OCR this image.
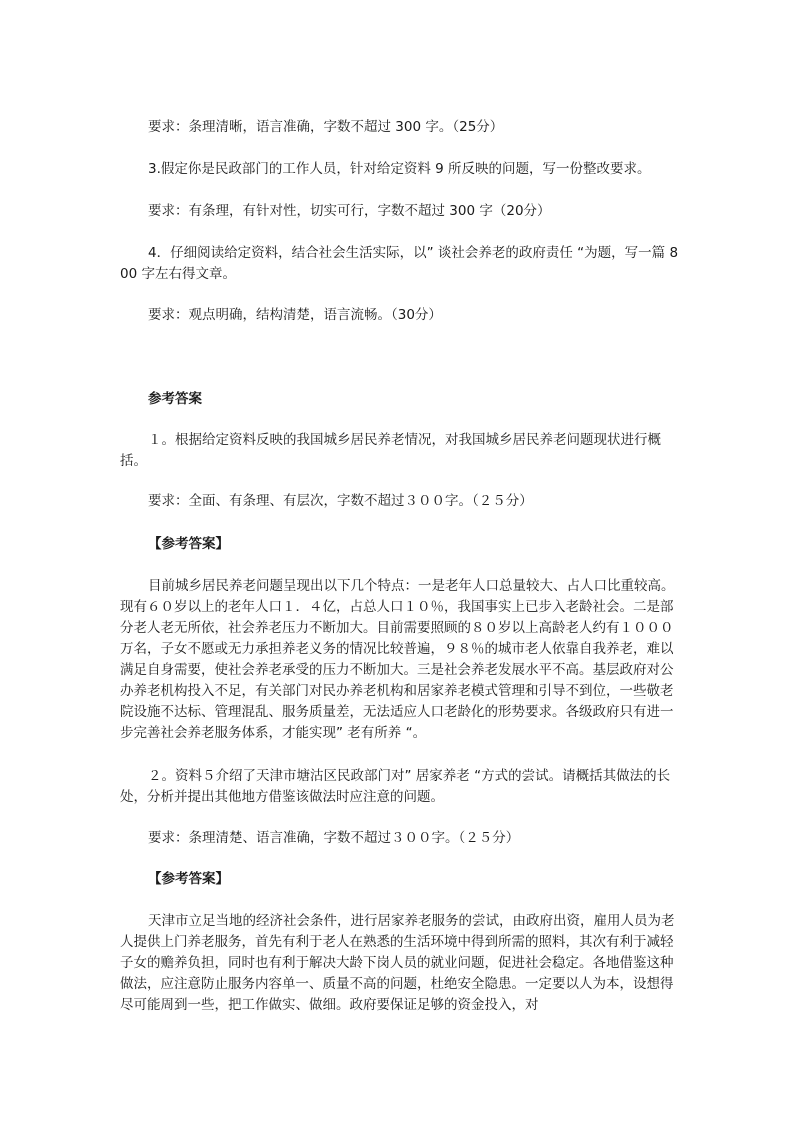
要求：条理清晰，语言准确，字数不超过 300 字。（25分）

3.假定你是民政部门的工作人员，针对给定资料 9 所反映的问题，写一份整改要求。

要求：有条理，有针对性，切实可行，字数不超过 300 字（20分）

4．仔细阅读给定资料，结合社会生活实际，以” 谈社会养老的政府责任 “为题，写一篇 800 字左右得文章。

要求：观点明确，结构清楚，语言流畅。（30分）

参考答案

１。根据给定资料反映的我国城乡居民养老情况，对我国城乡居民养老问题现状进行概括。

要求：全面、有条理、有层次，字数不超过３００字。（２５分）

【参考答案】

目前城乡居民养老问题呈现出以下几个特点：一是老年人口总量较大、占人口比重较高。现有６０岁以上的老年人口１．４亿，占总人口１０％，我国事实上已步入老龄社会。二是部分老人老无所依，社会养老压力不断加大。目前需要照顾的８０岁以上高龄老人约有１０００万名，子女不愿或无力承担养老义务的情况比较普遍，９８％的城市老人依靠自我养老，难以满足自身需要，使社会养老承受的压力不断加大。三是社会养老发展水平不高。基层政府对公办养老机构投入不足，有关部门对民办养老机构和居家养老模式管理和引导不到位，一些敬老院设施不达标、管理混乱、服务质量差，无法适应人口老龄化的形势要求。各级政府只有进一步完善社会养老服务体系，才能实现” 老有所养 “。

２。资料５介绍了天津市塘沽区民政部门对” 居家养老 “方式的尝试。请概括其做法的长处，分析并提出其他地方借鉴该做法时应注意的问题。

要求：条理清楚、语言准确，字数不超过３００字。（２５分）

【参考答案】

天津市立足当地的经济社会条件，进行居家养老服务的尝试，由政府出资，雇用人员为老人提供上门养老服务，首先有利于老人在熟悉的生活环境中得到所需的照料，其次有利于减轻子女的赡养负担，同时也有利于解决大龄下岗人员的就业问题，促进社会稳定。各地借鉴这种做法，应注意防止服务内容单一、质量不高的问题，杜绝安全隐患。一定要以人为本，设想得尽可能周到一些，把工作做实、做细。政府要保证足够的资金投入，对
